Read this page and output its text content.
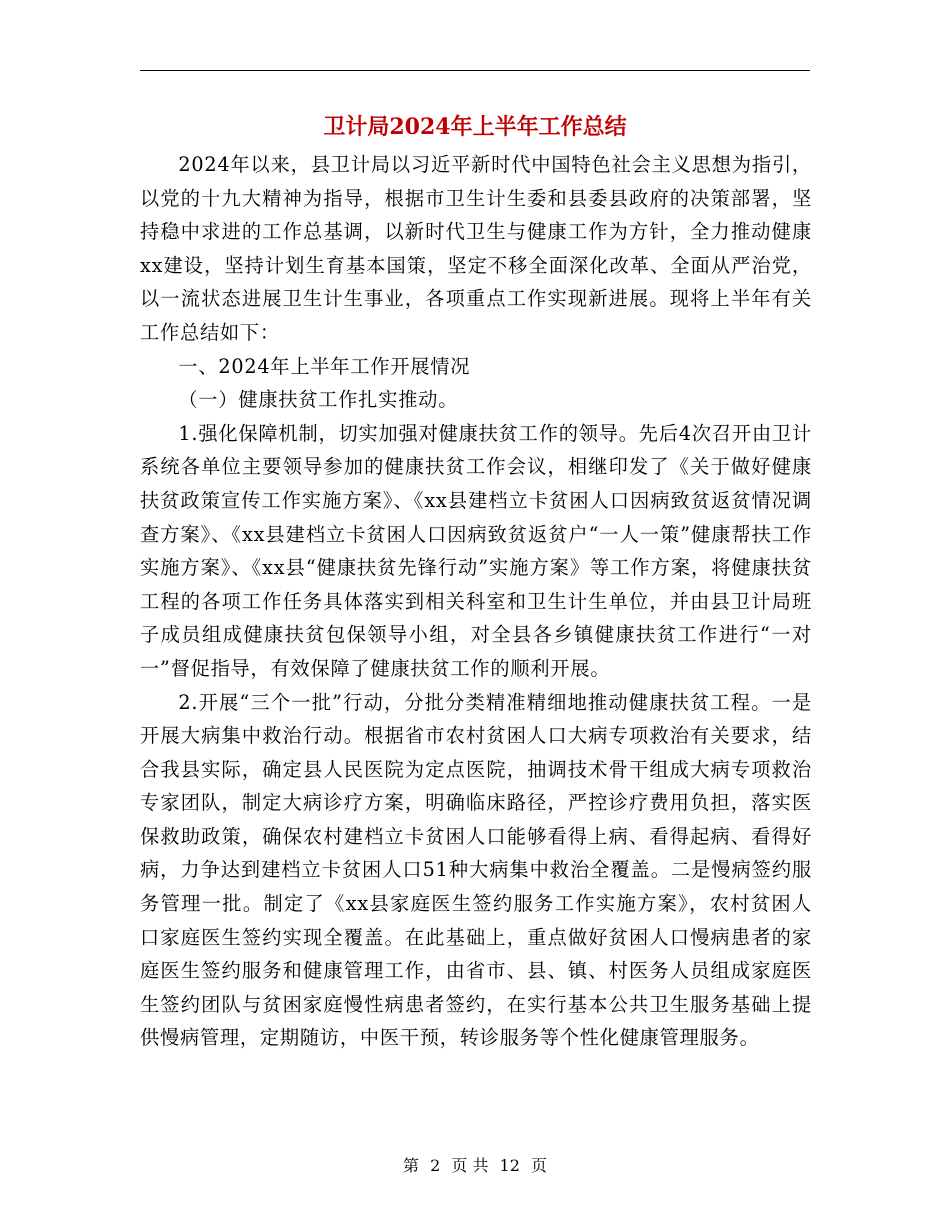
卫计局2024年上半年工作总结

2024年以来，县卫计局以习近平新时代中国特色社会主义思想为指引，以党的十九大精神为指导，根据市卫生计生委和县委县政府的决策部署，坚持稳中求进的工作总基调，以新时代卫生与健康工作为方针，全力推动健康xx建设，坚持计划生育基本国策，坚定不移全面深化改革、全面从严治党，以一流状态进展卫生计生事业，各项重点工作实现新进展。现将上半年有关工作总结如下：

一、2024年上半年工作开展情况

（一）健康扶贫工作扎实推动。

1.强化保障机制，切实加强对健康扶贫工作的领导。先后4次召开由卫计系统各单位主要领导参加的健康扶贫工作会议，相继印发了《关于做好健康扶贫政策宣传工作实施方案》、《xx县建档立卡贫困人口因病致贫返贫情况调查方案》、《xx县建档立卡贫困人口因病致贫返贫户“一人一策”健康帮扶工作实施方案》、《xx县“健康扶贫先锋行动”实施方案》等工作方案，将健康扶贫工程的各项工作任务具体落实到相关科室和卫生计生单位，并由县卫计局班子成员组成健康扶贫包保领导小组，对全县各乡镇健康扶贫工作进行“一对一”督促指导，有效保障了健康扶贫工作的顺利开展。

2.开展“三个一批”行动，分批分类精准精细地推动健康扶贫工程。一是开展大病集中救治行动。根据省市农村贫困人口大病专项救治有关要求，结合我县实际，确定县人民医院为定点医院，抽调技术骨干组成大病专项救治专家团队，制定大病诊疗方案，明确临床路径，严控诊疗费用负担，落实医保救助政策，确保农村建档立卡贫困人口能够看得上病、看得起病、看得好病，力争达到建档立卡贫困人口51种大病集中救治全覆盖。二是慢病签约服务管理一批。制定了《xx县家庭医生签约服务工作实施方案》，农村贫困人口家庭医生签约实现全覆盖。在此基础上，重点做好贫困人口慢病患者的家庭医生签约服务和健康管理工作，由省市、县、镇、村医务人员组成家庭医生签约团队与贫困家庭慢性病患者签约，在实行基本公共卫生服务基础上提供慢病管理，定期随访，中医干预，转诊服务等个性化健康管理服务。

第 2 页 共 12 页
